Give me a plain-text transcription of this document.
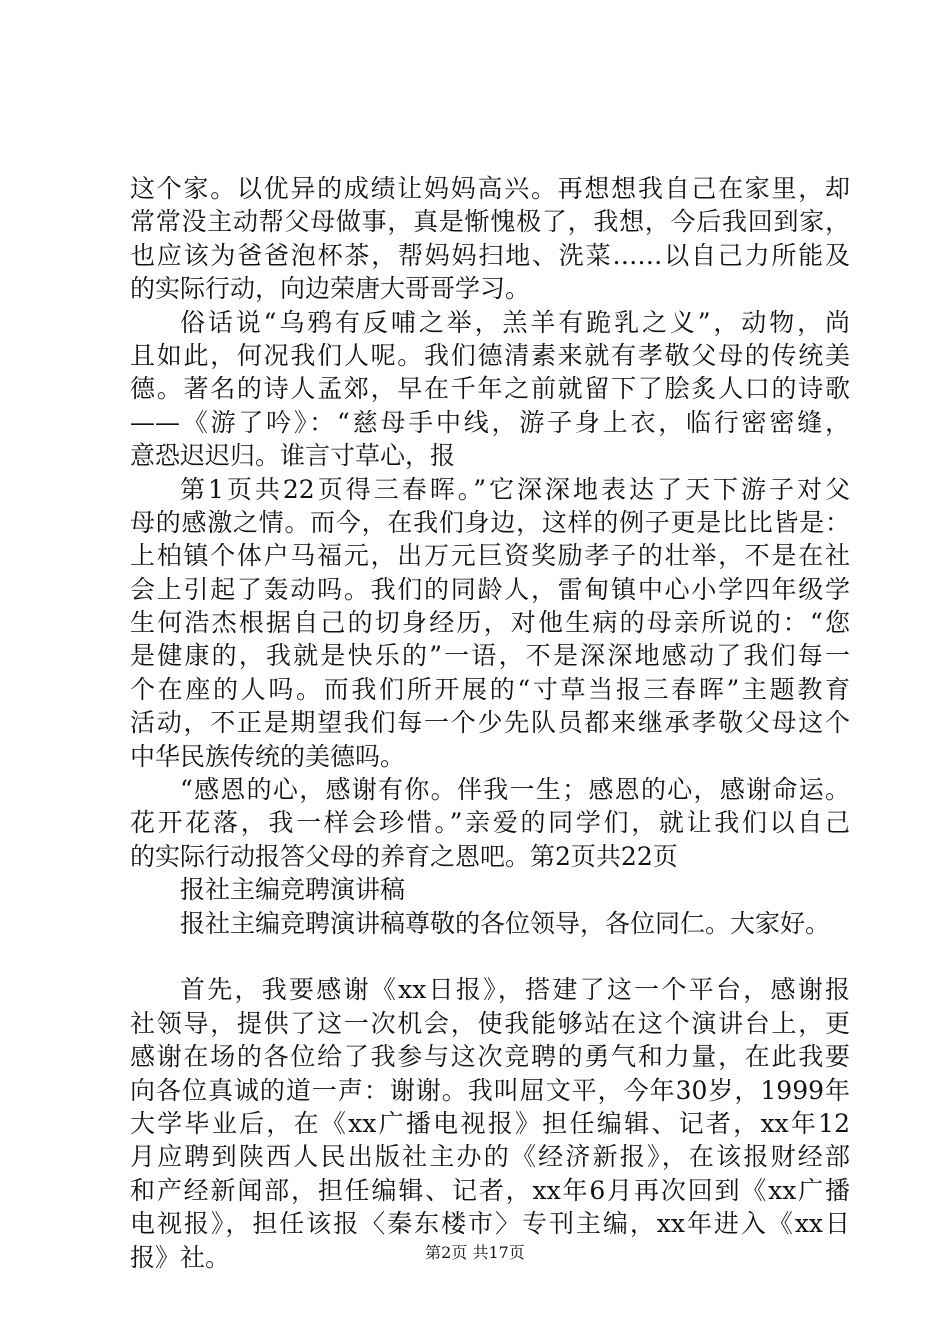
这个家。以优异的成绩让妈妈高兴。再想想我自己在家里，却
常常没主动帮父母做事，真是惭愧极了，我想，今后我回到家，
也应该为爸爸泡杯茶，帮妈妈扫地、洗菜……以自己力所能及
的实际行动，向边荣唐大哥哥学习。
俗话说“乌鸦有反哺之举，羔羊有跪乳之义”，动物，尚
且如此，何况我们人呢。我们德清素来就有孝敬父母的传统美
德。著名的诗人孟郊，早在千年之前就留下了脍炙人口的诗歌
——《游了吟》：“慈母手中线，游子身上衣，临行密密缝，
意恐迟迟归。谁言寸草心，报
第1页共22页得三春晖。”它深深地表达了天下游子对父
母的感激之情。而今，在我们身边，这样的例子更是比比皆是：
上柏镇个体户马福元，出万元巨资奖励孝子的壮举，不是在社
会上引起了轰动吗。我们的同龄人，雷甸镇中心小学四年级学
生何浩杰根据自己的切身经历，对他生病的母亲所说的：“您
是健康的，我就是快乐的”一语，不是深深地感动了我们每一
个在座的人吗。而我们所开展的“寸草当报三春晖”主题教育
活动，不正是期望我们每一个少先队员都来继承孝敬父母这个
中华民族传统的美德吗。
“感恩的心，感谢有你。伴我一生；感恩的心，感谢命运。
花开花落，我一样会珍惜。”亲爱的同学们，就让我们以自己
的实际行动报答父母的养育之恩吧。第2页共22页
报社主编竞聘演讲稿
报社主编竞聘演讲稿尊敬的各位领导，各位同仁。大家好。
首先，我要感谢《xx日报》，搭建了这一个平台，感谢报
社领导，提供了这一次机会，使我能够站在这个演讲台上，更
感谢在场的各位给了我参与这次竞聘的勇气和力量，在此我要
向各位真诚的道一声：谢谢。我叫屈文平，今年30岁，1999年
大学毕业后，在《xx广播电视报》担任编辑、记者，xx年12
月应聘到陕西人民出版社主办的《经济新报》，在该报财经部
和产经新闻部，担任编辑、记者，xx年6月再次回到《xx广播
电视报》，担任该报〈秦东楼市〉专刊主编，xx年进入《xx日
报》社。	第2页 共17页
